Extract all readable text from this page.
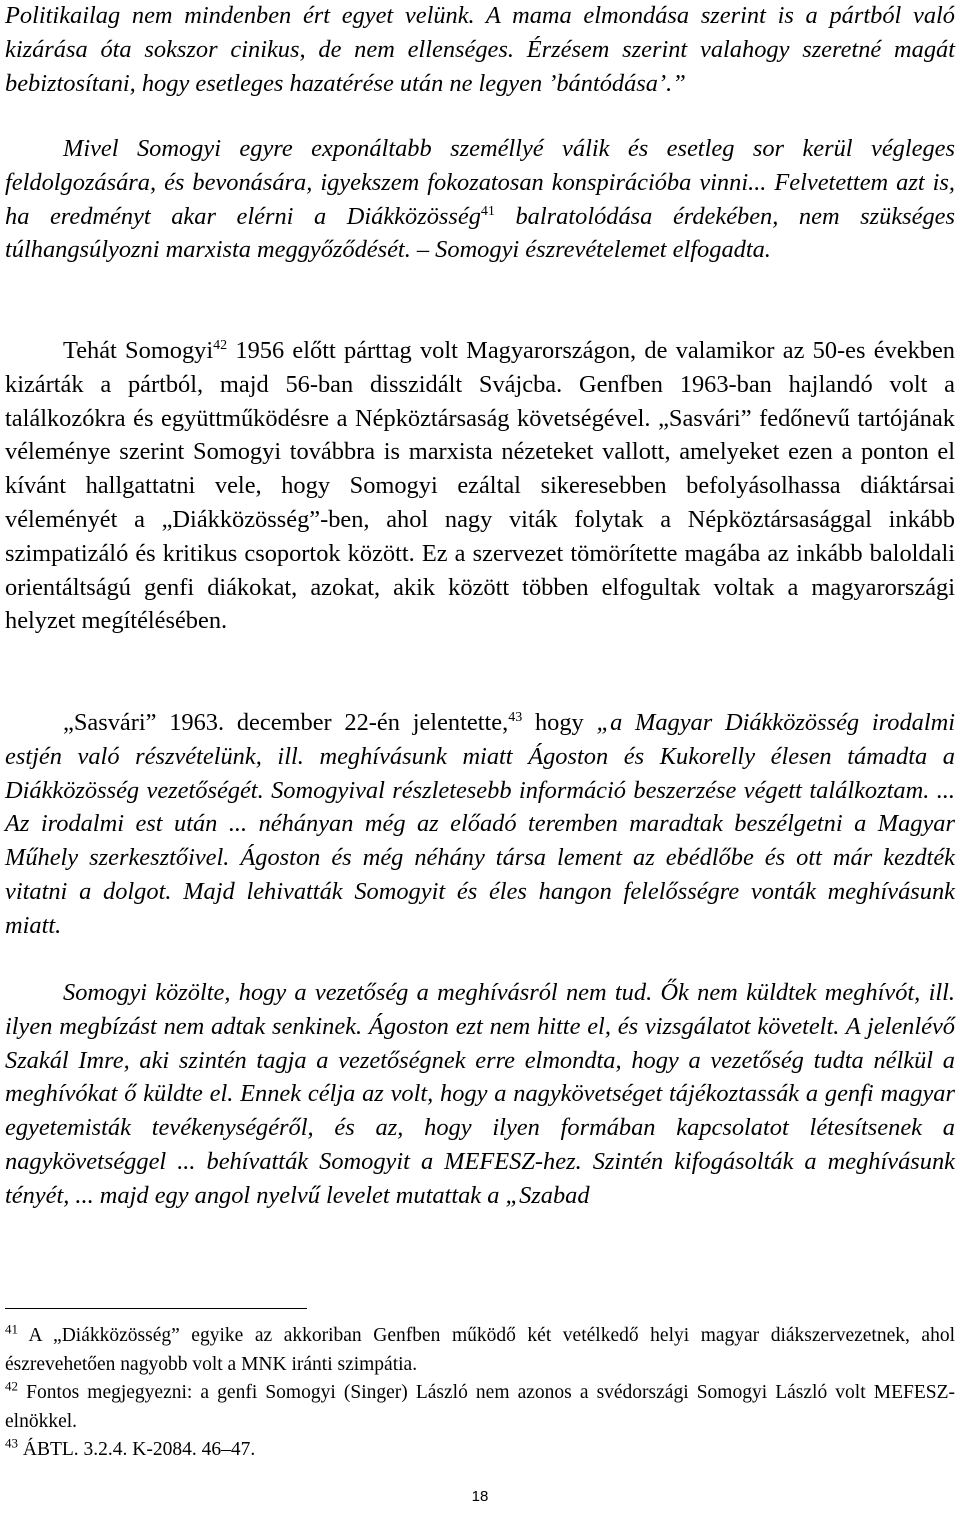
Politikailag nem mindenben ért egyet velünk. A mama elmondása szerint is a pártból való kizárása óta sokszor cinikus, de nem ellenséges. Érzésem szerint valahogy szeretné magát bebiztosítani, hogy esetleges hazatérése után ne legyen ’bántódása’.”

Mivel Somogyi egyre exponáltabb személlyé válik és esetleg sor kerül végleges feldolgozására, és bevonására, igyekszem fokozatosan konspirációba vinni... Felvetettem azt is, ha eredményt akar elérni a Diákközösség$^{41}$ balratolódása érdekében, nem szükséges túlhangsúlyozni marxista meggyőződését. – Somogyi észrevételemet elfogadta.

Tehát Somogyi$^{42}$ 1956 előtt párttag volt Magyarországon, de valamikor az 50-es években kizárták a pártból, majd 56-ban disszidált Svájcba. Genfben 1963-ban hajlandó volt a találkozókra és együttműködésre a Népköztársaság követségével. „Sasvári” fedőnevű tartójának véleménye szerint Somogyi továbbra is marxista nézeteket vallott, amelyeket ezen a ponton el kívánt hallgattatni vele, hogy Somogyi ezáltal sikeresebben befolyásolhassa diáktársai véleményét a „Diákközösség”-ben, ahol nagy viták folytak a Népköztársasággal inkább szimpatizáló és kritikus csoportok között. Ez a szervezet tömörítette magába az inkább baloldali orientáltságú genfi diákokat, azokat, akik között többen elfogultak voltak a magyarországi helyzet megítélésében.

„Sasvári” 1963. december 22-én jelentette,$^{43}$ hogy „a Magyar Diákközösség irodalmi estjén való részvételünk, ill. meghívásunk miatt Ágoston és Kukorelly élesen támadta a Diákközösség vezetőségét. Somogyival részletesebb információ beszerzése végett találkoztam. ... Az irodalmi est után ... néhányan még az előadó teremben maradtak beszélgetni a Magyar Műhely szerkesztőivel. Ágoston és még néhány társa lement az ebédlőbe és ott már kezdték vitatni a dolgot. Majd lehivatták Somogyit és éles hangon felelősségre vonták meghívásunk miatt.

Somogyi közölte, hogy a vezetőség a meghívásról nem tud. Ők nem küldtek meghívót, ill. ilyen megbízást nem adtak senkinek. Ágoston ezt nem hitte el, és vizsgálatot követelt. A jelenlévő Szakál Imre, aki szintén tagja a vezetőségnek erre elmondta, hogy a vezetőség tudta nélkül a meghívókat ő küldte el. Ennek célja az volt, hogy a nagykövetséget tájékoztassák a genfi magyar egyetemisták tevékenységéről, és az, hogy ilyen formában kapcsolatot létesítsenek a nagykövetséggel ... behívatták Somogyit a MEFESZ-hez. Szintén kifogásolták a meghívásunk tényét, ... majd egy angol nyelvű levelet mutattak a „Szabad

$^{41}$ A „Diákközösség” egyike az akkoriban Genfben működő két vetélkedő helyi magyar diákszervezetnek, ahol észrevehetően nagyobb volt a MNK iránti szimpátia.

$^{42}$ Fontos megjegyezni: a genfi Somogyi (Singer) László nem azonos a svédországi Somogyi László volt MEFESZ-elnökkel.

$^{43}$ ÁBTL. 3.2.4. K-2084. 46–47.

18
